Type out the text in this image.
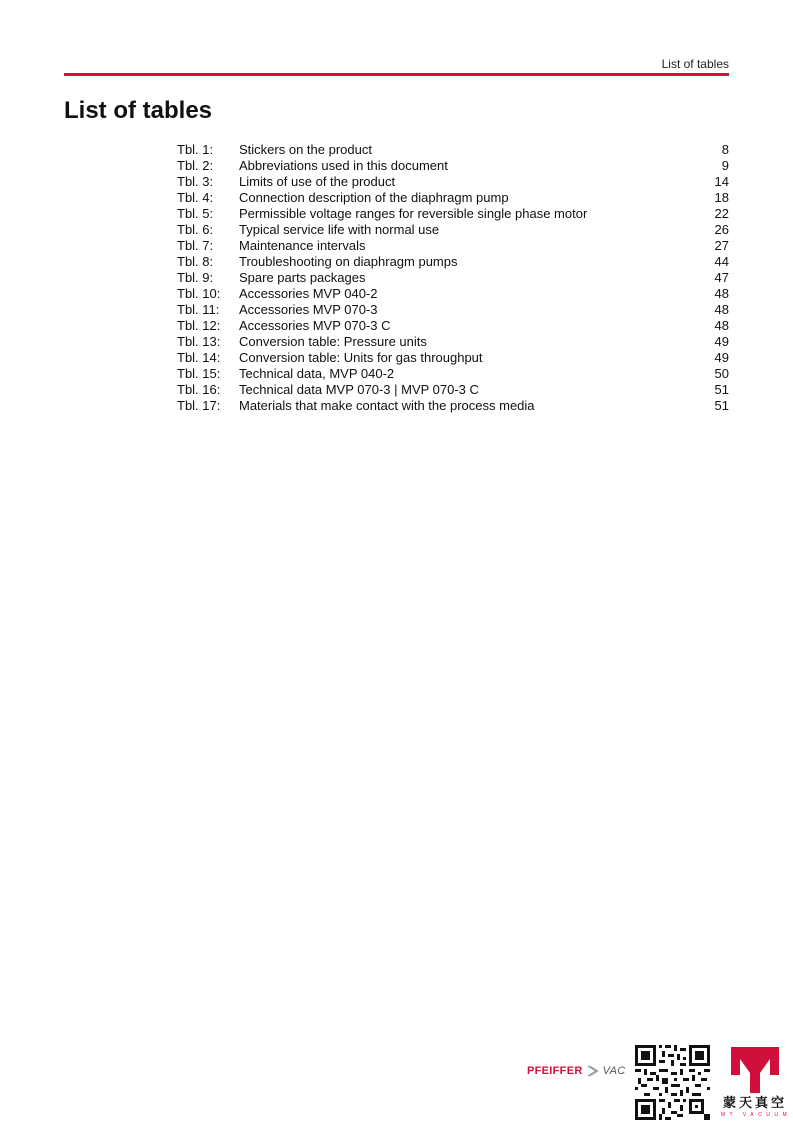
List of tables
List of tables
Tbl. 1:	Stickers on the product	8
Tbl. 2:	Abbreviations used in this document	9
Tbl. 3:	Limits of use of the product	14
Tbl. 4:	Connection description of the diaphragm pump	18
Tbl. 5:	Permissible voltage ranges for reversible single phase motor	22
Tbl. 6:	Typical service life with normal use	26
Tbl. 7:	Maintenance intervals	27
Tbl. 8:	Troubleshooting on diaphragm pumps	44
Tbl. 9:	Spare parts packages	47
Tbl. 10:	Accessories MVP 040-2	48
Tbl. 11:	Accessories MVP 070-3	48
Tbl. 12:	Accessories MVP 070-3 C	48
Tbl. 13:	Conversion table: Pressure units	49
Tbl. 14:	Conversion table: Units for gas throughput	49
Tbl. 15:	Technical data, MVP 040-2	50
Tbl. 16:	Technical data MVP 070-3 | MVP 070-3 C	51
Tbl. 17:	Materials that make contact with the process media	51
PFEIFFER VAC
蒙天真空
MT VACUUM
